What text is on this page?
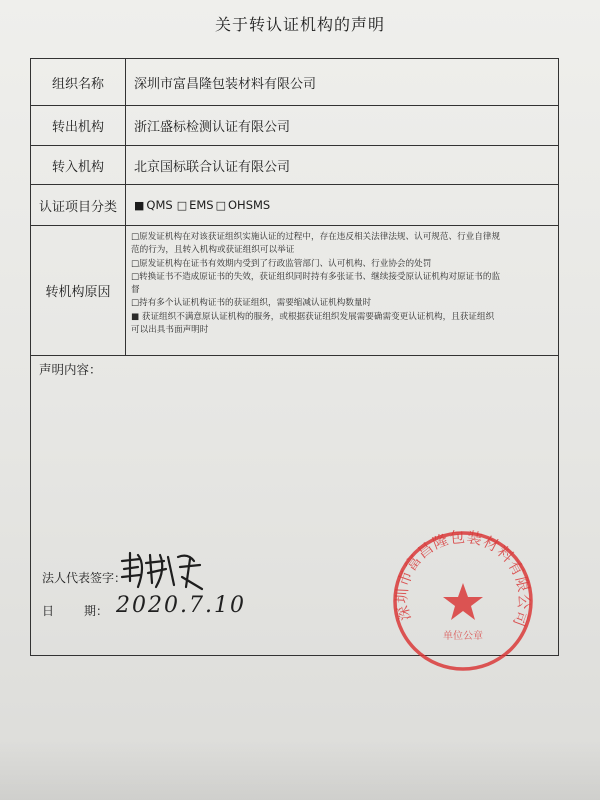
关于转认证机构的声明
组织名称	深圳市富昌隆包装材料有限公司
转出机构	浙江盛标检测认证有限公司
转入机构	北京国标联合认证有限公司
认证项目分类	■ QMS □ EMS □ OHSMS
转机构原因
□原发证机构在对该获证组织实施认证的过程中，存在违反相关法律法规、认可规范、行业自律规
范的行为，且转入机构或获证组织可以举证
□原发证机构在证书有效期内受到了行政监管部门、认可机构、行业协会的处罚
□转换证书不造成原证书的失效，获证组织同时持有多张证书、继续接受原认证机构对原证书的监
督
□持有多个认证机构证书的获证组织，需要缩减认证机构数量时
■ 获证组织不满意原认证机构的服务，或根据获证组织发展需要确需变更认证机构，且获证组织
可以出具书面声明时
声明内容：
法人代表签字：
日	期： 2020.7.10	深圳市富昌隆包装材料有限公司
单位公章
